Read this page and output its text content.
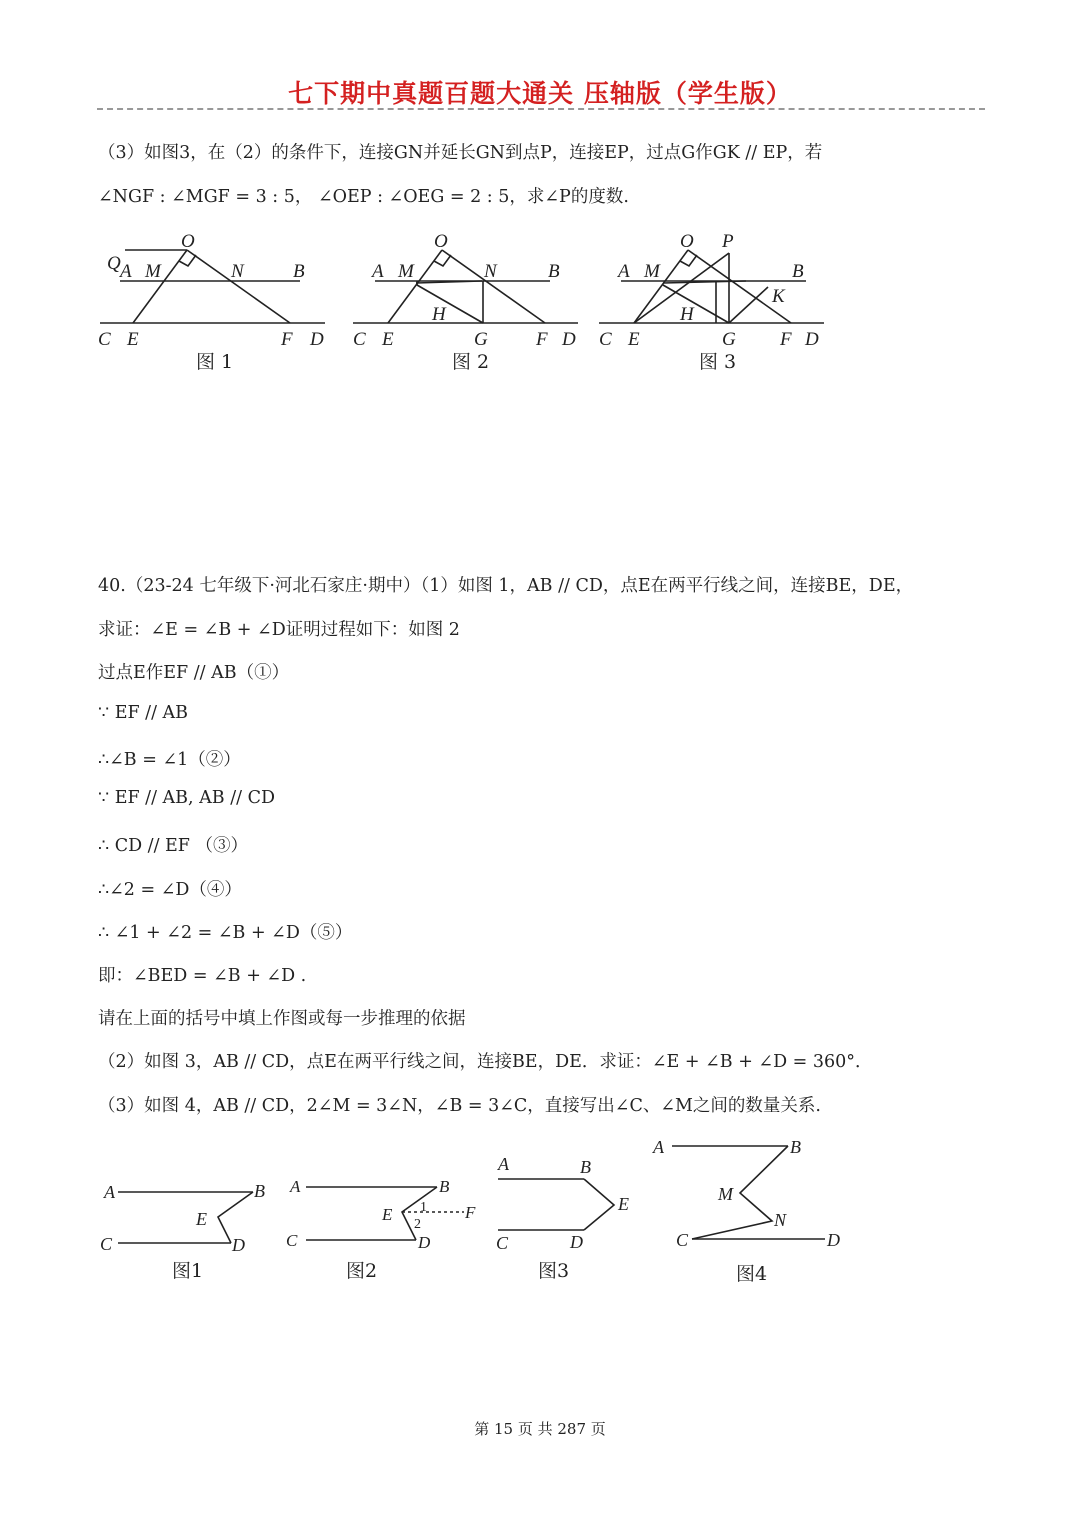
七下期中真题百题大通关 压轴版（学生版）
（3）如图3，在（2）的条件下，连接GN并延长GN到点P，连接EP，过点G作GK // EP，若
∠NGF : ∠MGF = 3 : 5， ∠OEP : ∠OEG = 2 : 5，求∠P的度数.
O
Q A M	N	B
C E	F D
图 1
O
A M	N	B
H
C E	G	F D
图 2
O P
A M	B
K
H
C E	G F D
图 3
40.（23-24 七年级下·河北石家庄·期中）（1）如图 1，AB // CD，点E在两平行线之间，连接BE，DE，
求证：∠E = ∠B + ∠D证明过程如下：如图 2
过点E作EF // AB（①）
∵ EF // AB
∴∠B = ∠1（②）
∵ EF // AB, AB // CD
∴ CD // EF （③）
∴∠2 = ∠D（④）
∴ ∠1 + ∠2 = ∠B + ∠D（⑤）
即：∠BED = ∠B + ∠D .
请在上面的括号中填上作图或每一步推理的依据
（2）如图 3，AB // CD，点E在两平行线之间，连接BE，DE．求证：∠E + ∠B + ∠D = 360°．
（3）如图 4，AB // CD，2∠M = 3∠N，∠B = 3∠C，直接写出∠C、∠M之间的数量关系.
A	B
E
C	D
图1
A	B
E 1
2
F
C	D
图2
A	B
E
C	D
图3
A	B
M
N
C	D
图4
第 15 页 共 287 页
